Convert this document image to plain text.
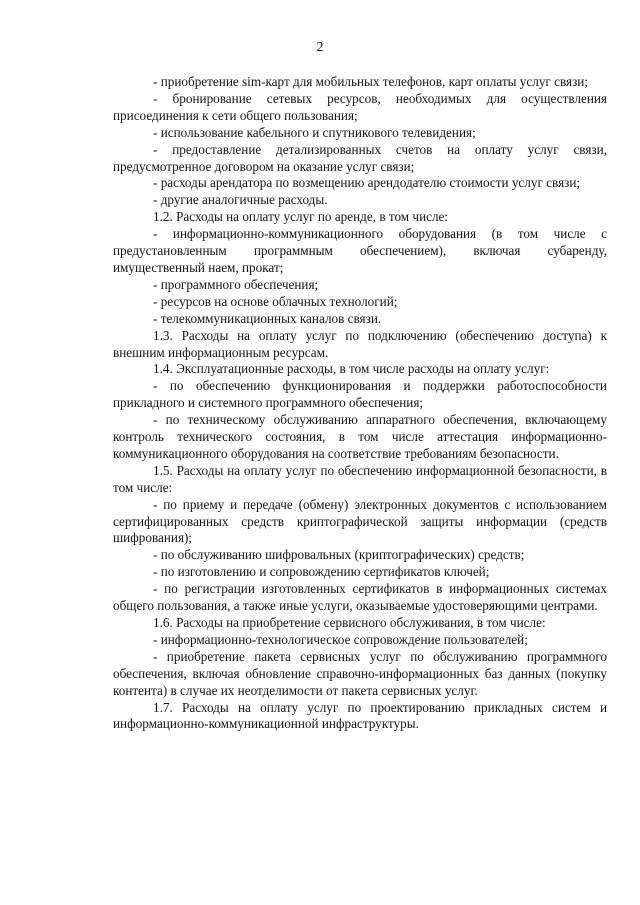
2

- приобретение sim-карт для мобильных телефонов, карт оплаты услуг связи;

- бронирование сетевых ресурсов, необходимых для осуществления присоединения к сети общего пользования;

- использование кабельного и спутникового телевидения;

- предоставление детализированных счетов на оплату услуг связи, предусмотренное договором на оказание услуг связи;

- расходы арендатора по возмещению арендодателю стоимости услуг связи;

- другие аналогичные расходы.

1.2. Расходы на оплату услуг по аренде, в том числе:

- информационно-коммуникационного оборудования (в том числе с предустановленным программным обеспечением), включая субаренду, имущественный наем, прокат;

- программного обеспечения;

- ресурсов на основе облачных технологий;

- телекоммуникационных каналов связи.

1.3. Расходы на оплату услуг по подключению (обеспечению доступа) к внешним информационным ресурсам.

1.4. Эксплуатационные расходы, в том числе расходы на оплату услуг:

- по обеспечению функционирования и поддержки работоспособности прикладного и системного программного обеспечения;

- по техническому обслуживанию аппаратного обеспечения, включающему контроль технического состояния, в том числе аттестация информационно-коммуникационного оборудования на соответствие требованиям безопасности.

1.5. Расходы на оплату услуг по обеспечению информационной безопасности, в том числе:

- по приему и передаче (обмену) электронных документов с использованием сертифицированных средств криптографической защиты информации (средств шифрования);

- по обслуживанию шифровальных (криптографических) средств;

- по изготовлению и сопровождению сертификатов ключей;

- по регистрации изготовленных сертификатов в информационных системах общего пользования, а также иные услуги, оказываемые удостоверяющими центрами.

1.6. Расходы на приобретение сервисного обслуживания, в том числе:

- информационно-технологическое сопровождение пользователей;

- приобретение пакета сервисных услуг по обслуживанию программного обеспечения, включая обновление справочно-информационных баз данных (покупку контента) в случае их неотделимости от пакета сервисных услуг.

1.7. Расходы на оплату услуг по проектированию прикладных систем и информационно-коммуникационной инфраструктуры.
